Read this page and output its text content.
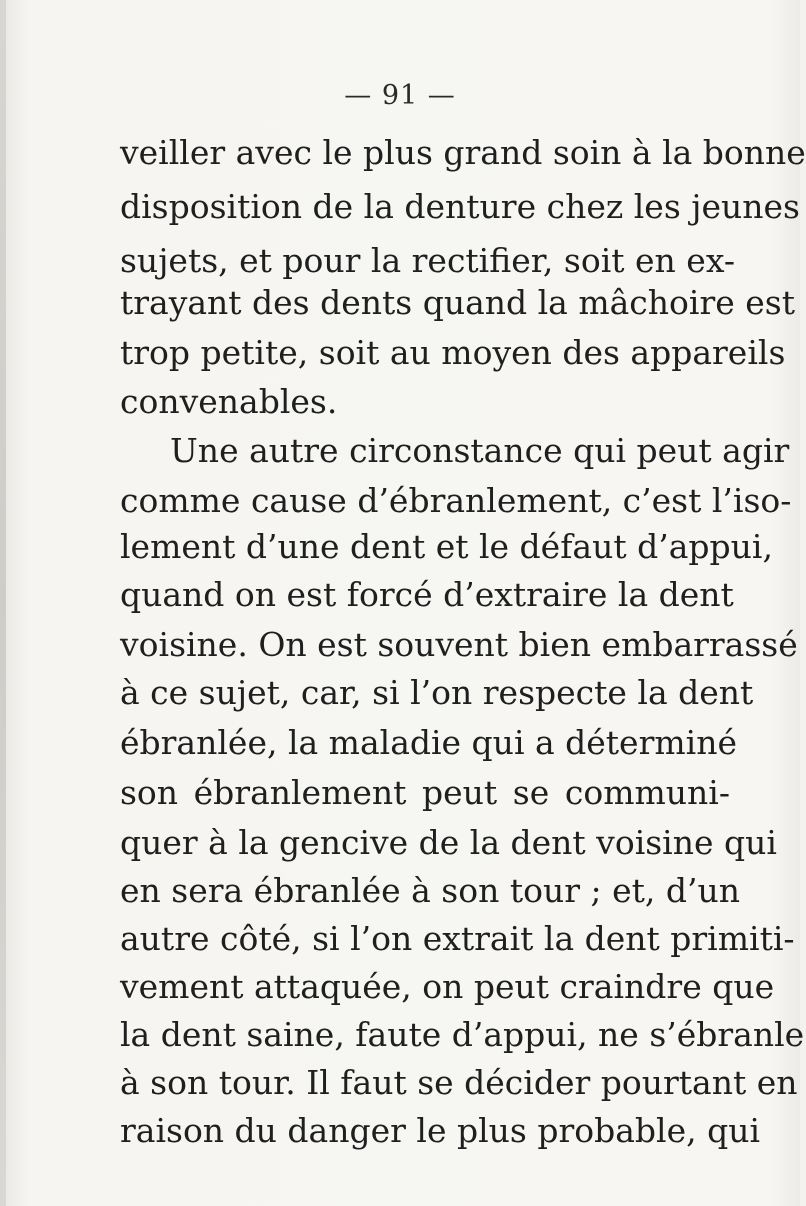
— 91 —
veiller avec le plus grand soin à la bonne
disposition de la denture chez les jeunes
sujets, et pour la rectifier, soit en ex-
trayant des dents quand la mâchoire est
trop petite, soit au moyen des appareils
convenables.
Une autre circonstance qui peut agir
comme cause d’ébranlement, c’est l’iso-
lement d’une dent et le défaut d’appui,
quand on est forcé d’extraire la dent
voisine. On est souvent bien embarrassé
à ce sujet, car, si l’on respecte la dent
ébranlée, la maladie qui a déterminé
son ébranlement peut se communi-
quer à la gencive de la dent voisine qui
en sera ébranlée à son tour ; et, d’un
autre côté, si l’on extrait la dent primiti-
vement attaquée, on peut craindre que
la dent saine, faute d’appui, ne s’ébranle
à son tour. Il faut se décider pourtant en
raison du danger le plus probable, qui
